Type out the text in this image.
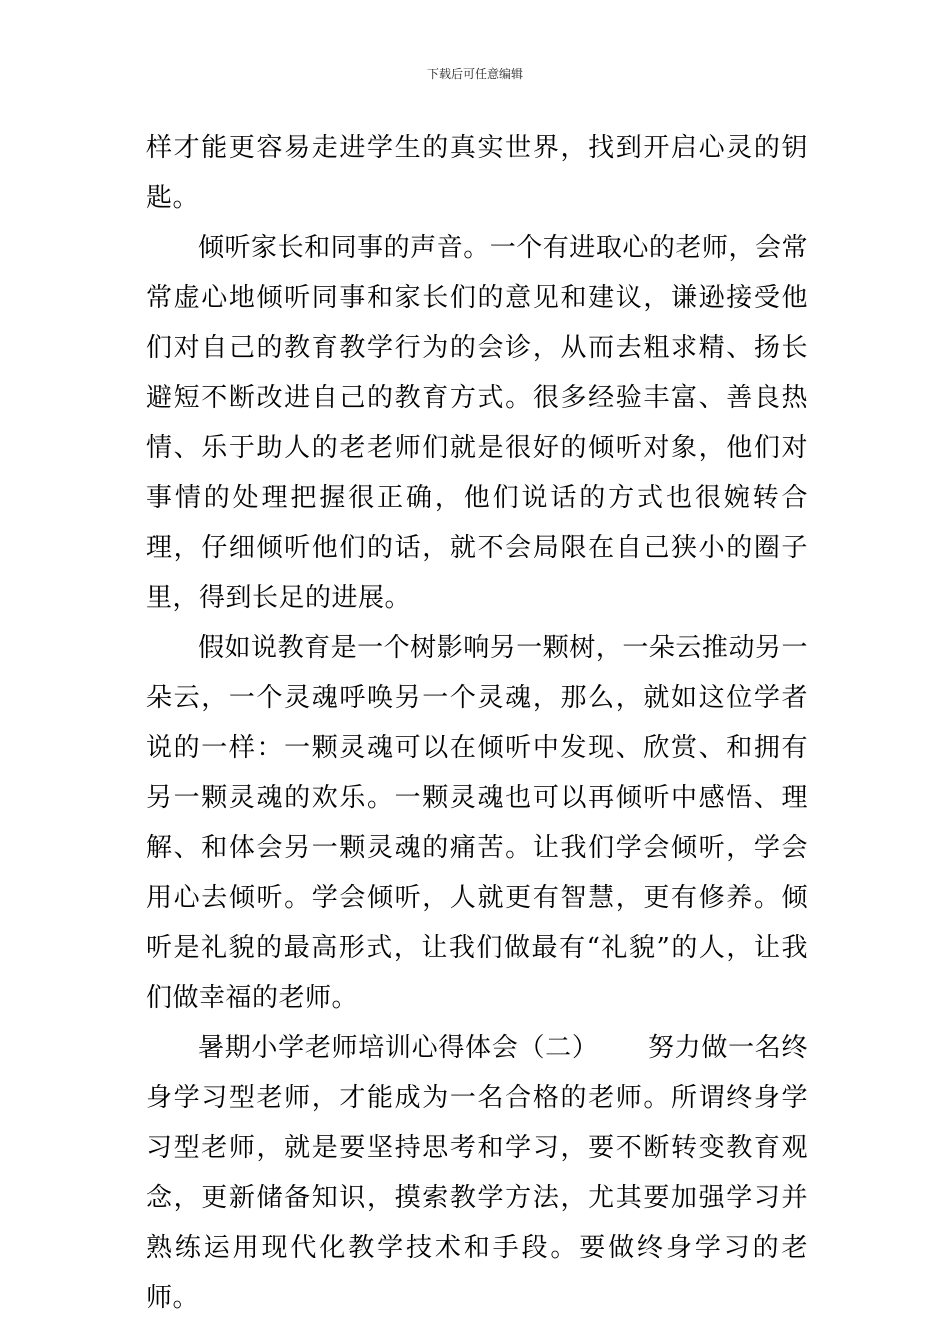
下载后可任意编辑

样才能更容易走进学生的真实世界，找到开启心灵的钥匙。

倾听家长和同事的声音。一个有进取心的老师，会常常虚心地倾听同事和家长们的意见和建议，谦逊接受他们对自己的教育教学行为的会诊，从而去粗求精、扬长避短不断改进自己的教育方式。很多经验丰富、善良热情、乐于助人的老老师们就是很好的倾听对象，他们对事情的处理把握很正确，他们说话的方式也很婉转合理，仔细倾听他们的话，就不会局限在自己狭小的圈子里，得到长足的进展。

假如说教育是一个树影响另一颗树，一朵云推动另一朵云，一个灵魂呼唤另一个灵魂，那么，就如这位学者说的一样：一颗灵魂可以在倾听中发现、欣赏、和拥有另一颗灵魂的欢乐。一颗灵魂也可以再倾听中感悟、理解、和体会另一颗灵魂的痛苦。让我们学会倾听，学会用心去倾听。学会倾听，人就更有智慧，更有修养。倾听是礼貌的最高形式，让我们做最有“礼貌”的人，让我们做幸福的老师。

暑期小学老师培训心得体会（二）　　 努力做一名终身学习型老师，才能成为一名合格的老师。所谓终身学习型老师，就是要坚持思考和学习，要不断转变教育观念，更新储备知识，摸索教学方法，尤其要加强学习并熟练运用现代化教学技术和手段。要做终身学习的老师。
